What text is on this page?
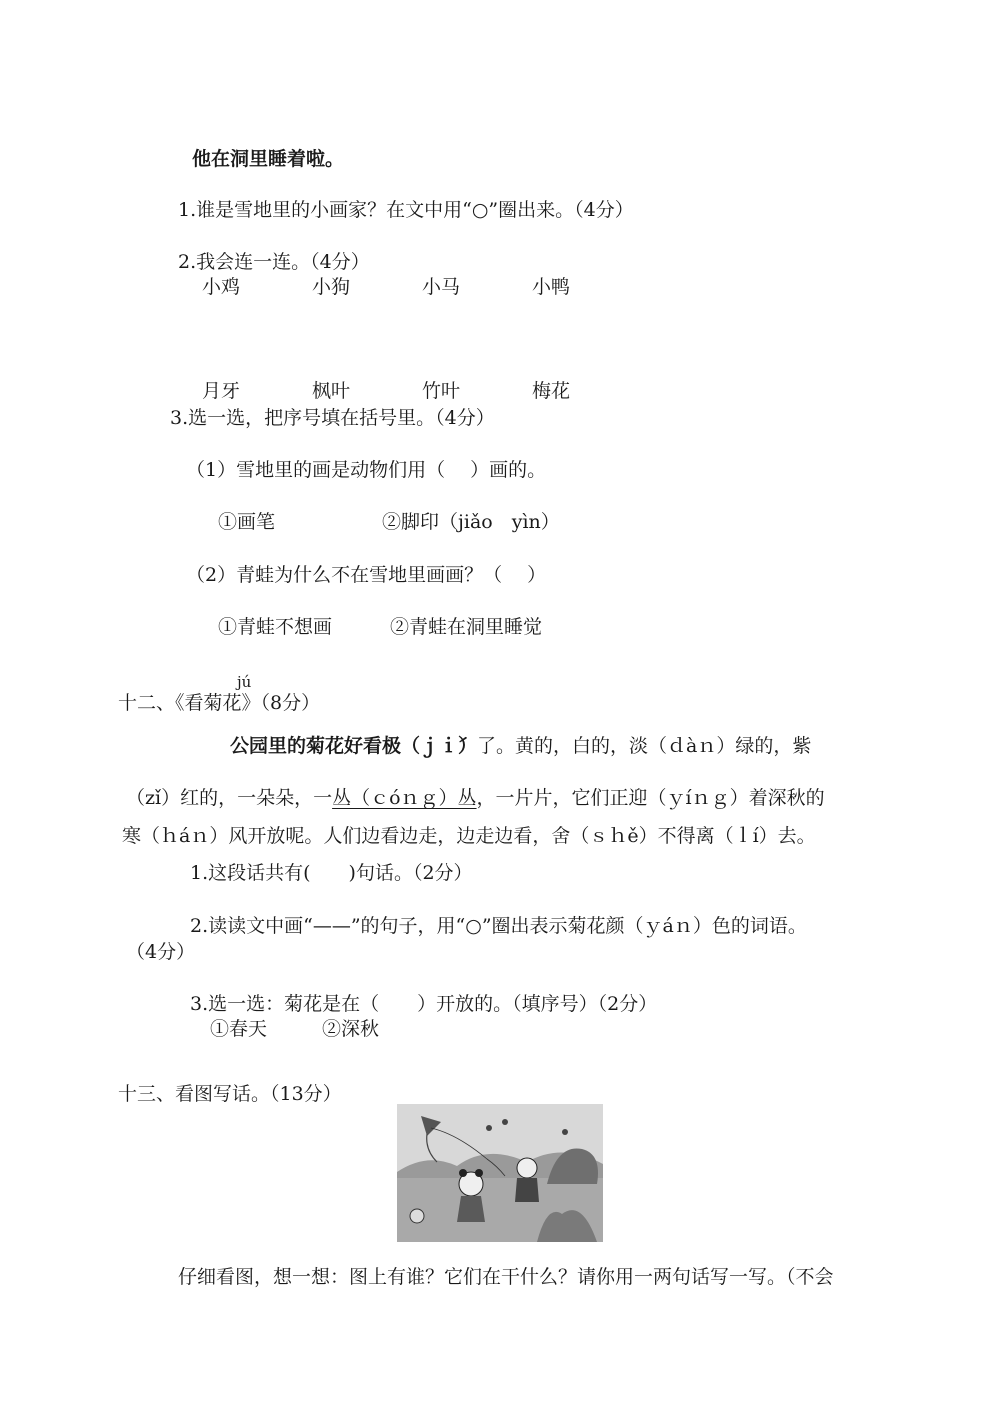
他在洞里睡着啦。
1.谁是雪地里的小画家？在文中用“○”圈出来。（4分）
2.我会连一连。（4分）
小鸡	小狗	小马	小鸭
月牙	枫叶	竹叶	梅花
3.选一选，把序号填在括号里。（4分）
（1）雪地里的画是动物们用（　 ）画的。
①画笔	②脚印（jiǎo　yìn）
（2）青蛙为什么不在雪地里画画？（　 ）
①青蛙不想画	②青蛙在洞里睡觉
jú
十二、《看菊花》（8分）
公园里的菊花好看极（ｊｉ́）了。黄的，白的，淡（ｄàｎ）绿的，紫
（zǐ）红的，一朵朵，一丛（ｃóｎｇ）丛，一片片，它们正迎（ｙíｎｇ）着深秋的
寒（ｈáｎ）风开放呢。人们边看边走，边走边看，舍（ｓｈě）不得离（ｌí）去。
1.这段话共有(　　)句话。（2分）
2.读读文中画“——”的句子，用“○”圈出表示菊花颜（ｙáｎ）色的词语。
（4分）
3.选一选：菊花是在（　　）开放的。（填序号）（2分）
①春天	②深秋
十三、看图写话。（13分）
仔细看图，想一想：图上有谁？它们在干什么？请你用一两句话写一写。（不会
